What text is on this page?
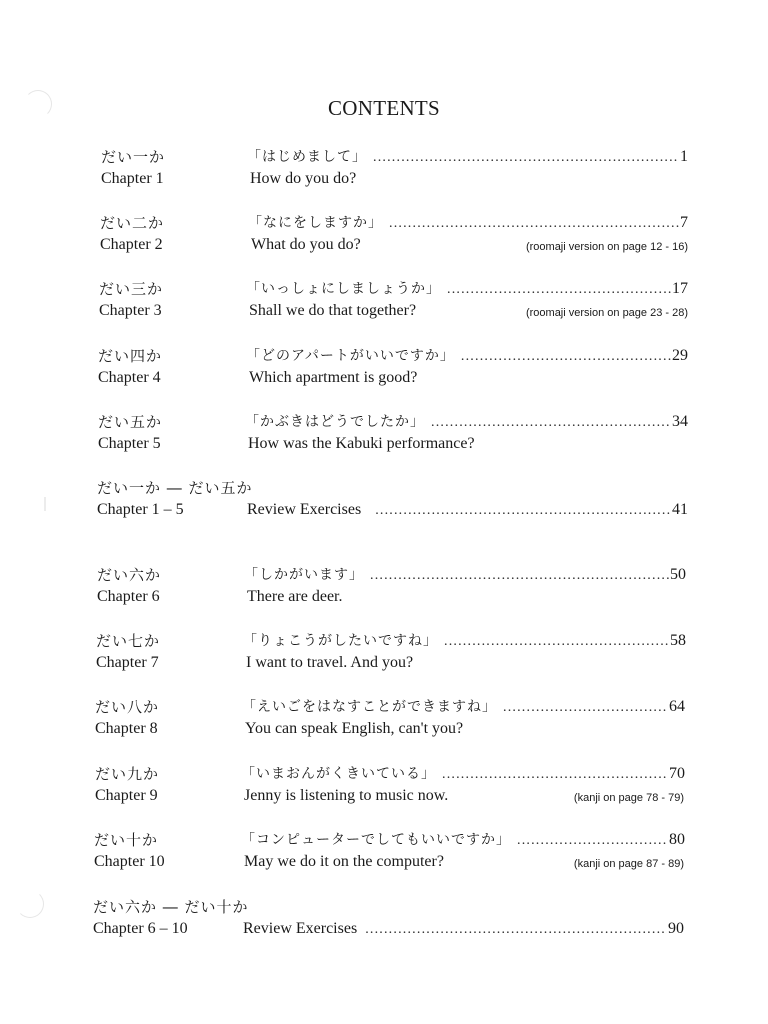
CONTENTS
だい一か
Chapter 1
「はじめまして」 .....	1
How do you do?
だい二か
Chapter 2
「なにをしますか」 .....	7
What do you do?	(roomaji version on page 12 - 16)
だい三か
Chapter 3
「いっしょにしましょうか」 .....	17
Shall we do that together?	(roomaji version on page 23 - 28)
だい四か
Chapter 4
「どのアパートがいいですか」 .....	29
Which apartment is good?
だい五か
Chapter 5
「かぶきはどうでしたか」 .....	34
How was the Kabuki performance?
だい一か ― だい五か
Chapter 1 – 5	Review Exercises .....	41
だい六か
Chapter 6
「しかがいます」 .....	50
There are deer.
だい七か
Chapter 7
「りょこうがしたいですね」 .....	58
I want to travel. And you?
だい八か
Chapter 8
「えいごをはなすことができますね」 .....	64
You can speak English, can't you?
だい九か
Chapter 9
「いまおんがくきいている」 .....	70
Jenny is listening to music now.	(kanji on page 78 - 79)
だい十か
Chapter 10
「コンピューターでしてもいいですか」 .....	80
May we do it on the computer?	(kanji on page 87 - 89)
だい六か ― だい十か
Chapter 6 – 10	Review Exercises .....	90
